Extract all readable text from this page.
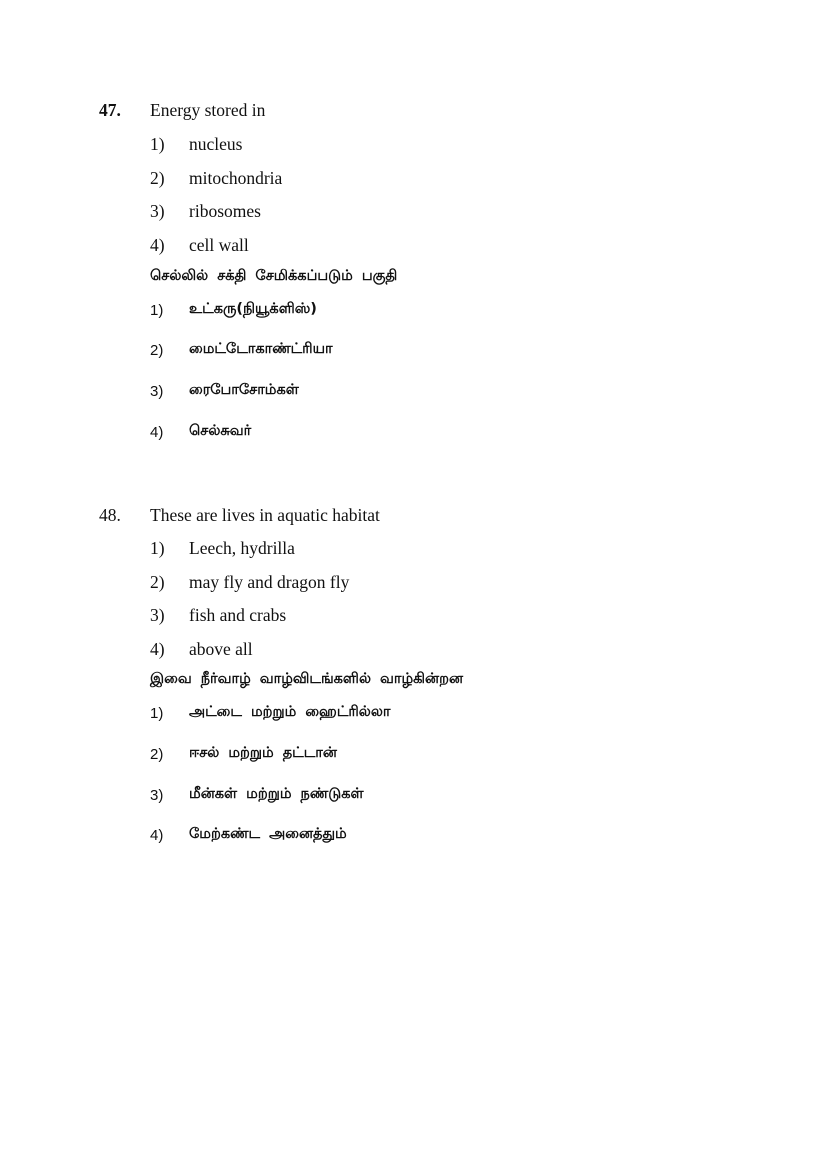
47. Energy stored in
1) nucleus
2) mitochondria
3) ribosomes
4) cell wall
செல்லில் சக்தி சேமிக்கப்படும் பகுதி
1) உட்கரு(நியூக்ளிஸ்)
2) மைட்டோகாண்ட்ரியா
3) ரைபோசோம்கள்
4) செல்சுவர்
48. These are lives in aquatic habitat
1) Leech, hydrilla
2) may fly and dragon fly
3) fish and crabs
4) above all
இவை நீர்வாழ் வாழ்விடங்களில் வாழ்கின்றன
1) அட்டை மற்றும் ஹைட்ரில்லா
2) ஈசல் மற்றும் தட்டான்
3) மீன்கள் மற்றும் நண்டுகள்
4) மேற்கண்ட அனைத்தும்
